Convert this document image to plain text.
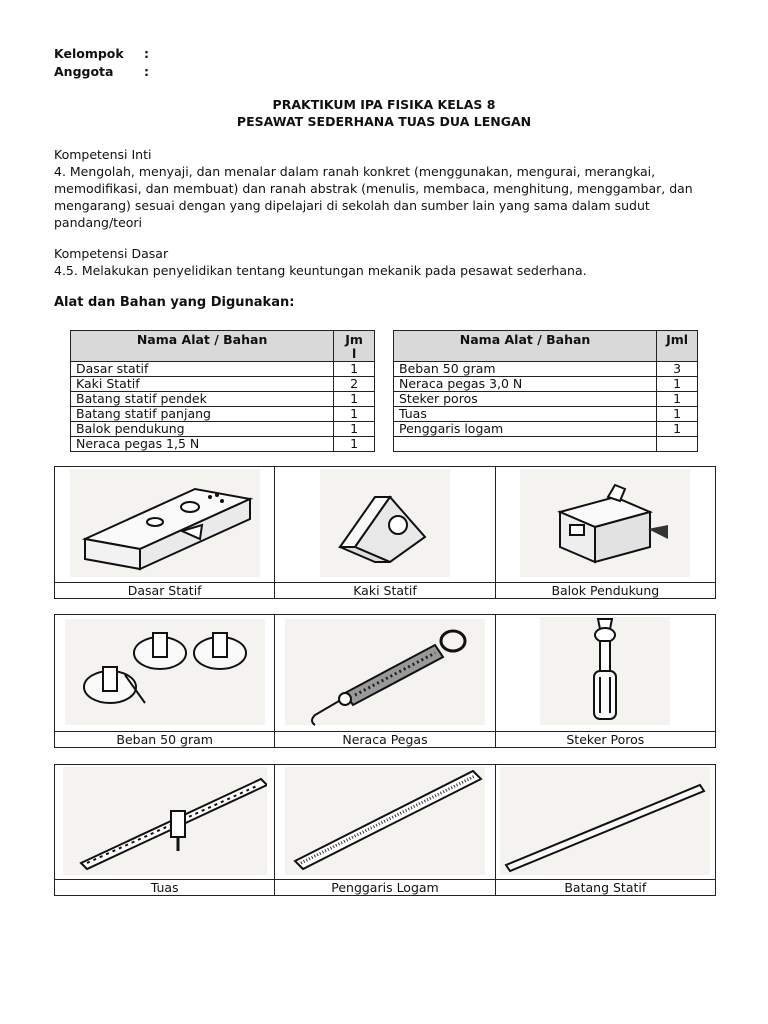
Kelompok :
Anggota :
PRAKTIKUM IPA FISIKA KELAS 8
PESAWAT SEDERHANA TUAS DUA LENGAN
Kompetensi Inti
4. Mengolah, menyaji, dan menalar dalam ranah konkret (menggunakan, mengurai, merangkai,
memodifikasi, dan membuat) dan ranah abstrak (menulis, membaca, menghitung, menggambar, dan
mengarang) sesuai dengan yang dipelajari di sekolah dan sumber lain yang sama dalam sudut
pandang/teori
Kompetensi Dasar
4.5. Melakukan penyelidikan tentang keuntungan mekanik pada pesawat sederhana.
Alat dan Bahan yang Digunakan:
Nama Alat / Bahan	Jm
l
Dasar statif	1
Kaki Statif	2
Batang statif pendek	1
Batang statif panjang	1
Balok pendukung	1
Neraca pegas 1,5 N	1
Nama Alat / Bahan	Jml
Beban 50 gram	3
Neraca pegas 3,0 N	1
Steker poros	1
Tuas	1
Penggaris logam	1

Dasar Statif	Kaki Statif	Balok Pendukung
Beban 50 gram	Neraca Pegas	Steker Poros
Tuas	Penggaris Logam	Batang Statif
